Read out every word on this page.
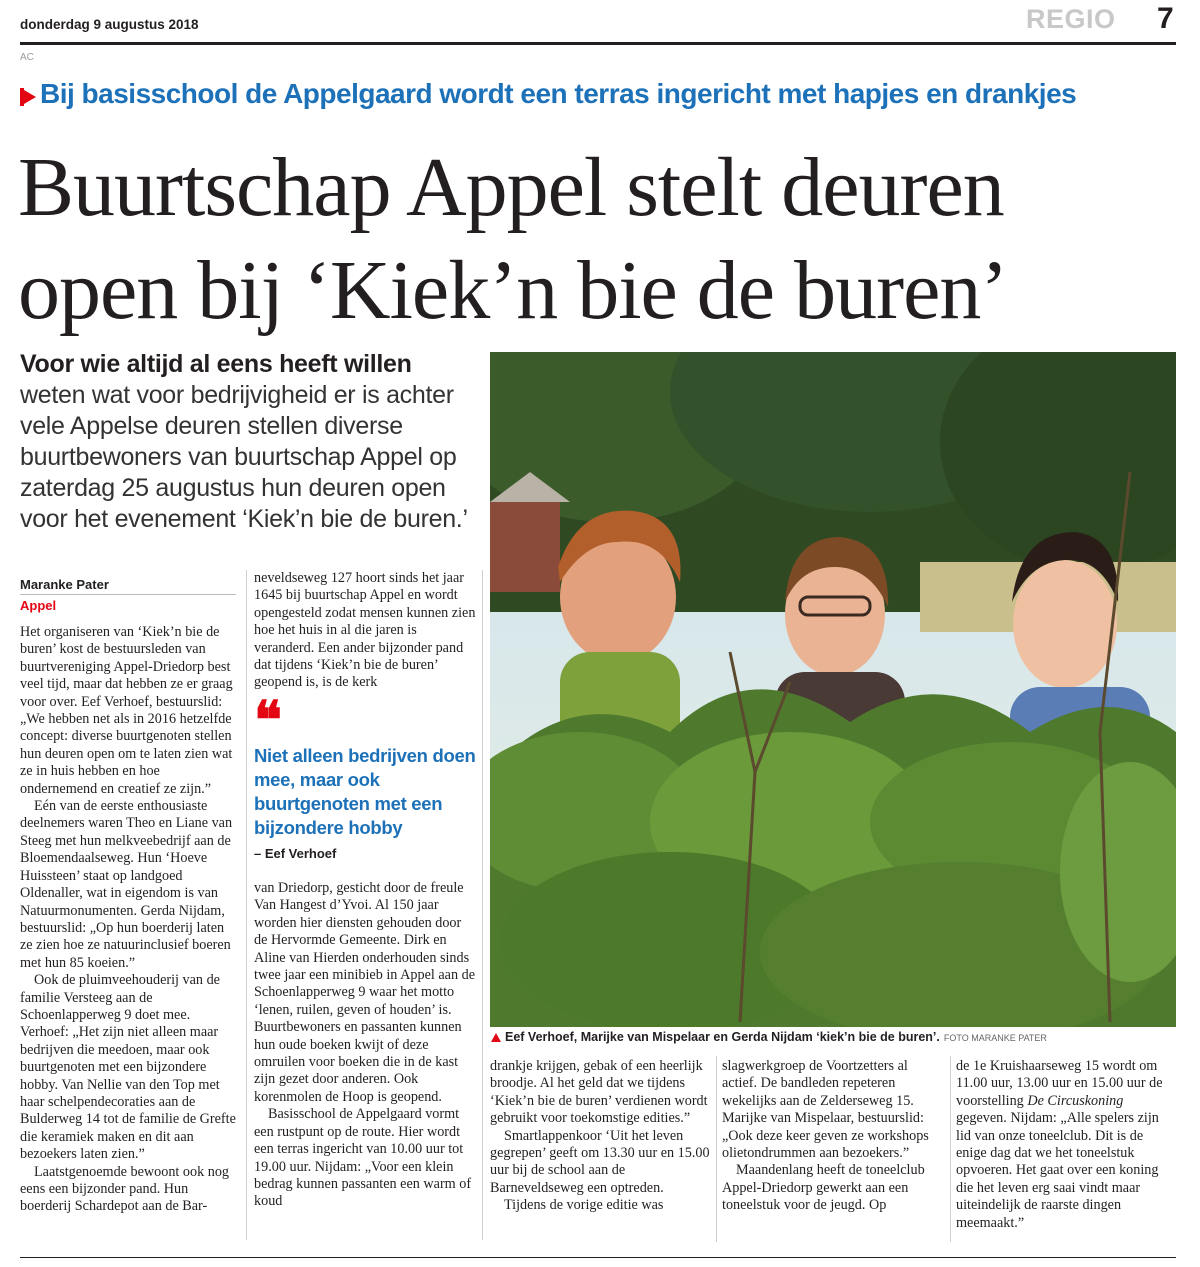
donderdag 9 augustus 2018	REGIO 7
AC
Bij basisschool de Appelgaard wordt een terras ingericht met hapjes en drankjes
Buurtschap Appel stelt deuren
open bij ‘Kiek’n bie de buren’
Voor wie altijd al eens heeft willen
weten wat voor bedrijvigheid er is achter
vele Appelse deuren stellen diverse
buurtbewoners van buurtschap Appel op
zaterdag 25 augustus hun deuren open
voor het evenement ‘Kiek’n bie de buren.’
Eef Verhoef, Marijke van Mispelaar en Gerda Nijdam ‘kiek’n bie de buren’. FOTO MARANKE PATER
Maranke Pater
Appel

Het organiseren van ‘Kiek’n bie de buren’ kost de bestuursleden van buurtvereniging Appel-Driedorp best veel tijd, maar dat hebben ze er graag voor over. Eef Verhoef, bestuurslid: „We hebben net als in 2016 hetzelfde concept: diverse buurtgenoten stellen hun deuren open om te laten zien wat ze in huis hebben en hoe ondernemend en creatief ze zijn.”

Eén van de eerste enthousiaste deelnemers waren Theo en Liane van Steeg met hun melkveebedrijf aan de Bloemendaalseweg. Hun ‘Hoeve Huissteen’ staat op landgoed Oldenaller, wat in eigendom is van Natuurmonumenten. Gerda Nijdam, bestuurslid: „Op hun boerderij laten ze zien hoe ze natuurinclusief boeren met hun 85 koeien.”

Ook de pluimveehouderij van de familie Versteeg aan de Schoenlapperweg 9 doet mee. Verhoef: „Het zijn niet alleen maar bedrijven die meedoen, maar ook buurtgenoten met een bijzondere hobby. Van Nellie van den Top met haar schelpendecoraties aan de Bulderweg 14 tot de familie de Grefte die keramiek maken en dit aan bezoekers laten zien.”

Laatstgenoemde bewoont ook nog eens een bijzonder pand. Hun boerderij Schardepot aan de Bar-

neveldseweg 127 hoort sinds het jaar 1645 bij buurtschap Appel en wordt opengesteld zodat mensen kunnen zien hoe het huis in al die jaren is veranderd. Een ander bijzonder pand dat tijdens ‘Kiek’n bie de buren’ geopend is, is de kerk

❝
Niet alleen bedrijven doen mee, maar ook buurtgenoten met een bijzondere hobby
– Eef Verhoef

van Driedorp, gesticht door de freule Van Hangest d’Yvoi. Al 150 jaar worden hier diensten gehouden door de Hervormde Gemeente. Dirk en Aline van Hierden onderhouden sinds twee jaar een minibieb in Appel aan de Schoenlapperweg 9 waar het motto ‘lenen, ruilen, geven of houden’ is. Buurtbewoners en passanten kunnen hun oude boeken kwijt of deze omruilen voor boeken die in de kast zijn gezet door anderen. Ook korenmolen de Hoop is geopend.

Basisschool de Appelgaard vormt een rustpunt op de route. Hier wordt een terras ingericht van 10.00 uur tot 19.00 uur. Nijdam: „Voor een klein bedrag kunnen passanten een warm of koud

drankje krijgen, gebak of een heerlijk broodje. Al het geld dat we tijdens ‘Kiek’n bie de buren’ verdienen wordt gebruikt voor toekomstige edities.”

Smartlappenkoor ‘Uit het leven gegrepen’ geeft om 13.30 uur en 15.00 uur bij de school aan de Barneveldseweg een optreden.

Tijdens de vorige editie was

slagwerkgroep de Voortzetters al actief. De bandleden repeteren wekelijks aan de Zelderseweg 15. Marijke van Mispelaar, bestuurslid: „Ook deze keer geven ze workshops olietondrummen aan bezoekers.”

Maandenlang heeft de toneelclub Appel-Driedorp gewerkt aan een toneelstuk voor de jeugd. Op

de 1e Kruishaarseweg 15 wordt om 11.00 uur, 13.00 uur en 15.00 uur de voorstelling De Circuskoning gegeven. Nijdam: „Alle spelers zijn lid van onze toneelclub. Dit is de enige dag dat we het toneelstuk opvoeren. Het gaat over een koning die het leven erg saai vindt maar uiteindelijk de raarste dingen meemaakt.”
